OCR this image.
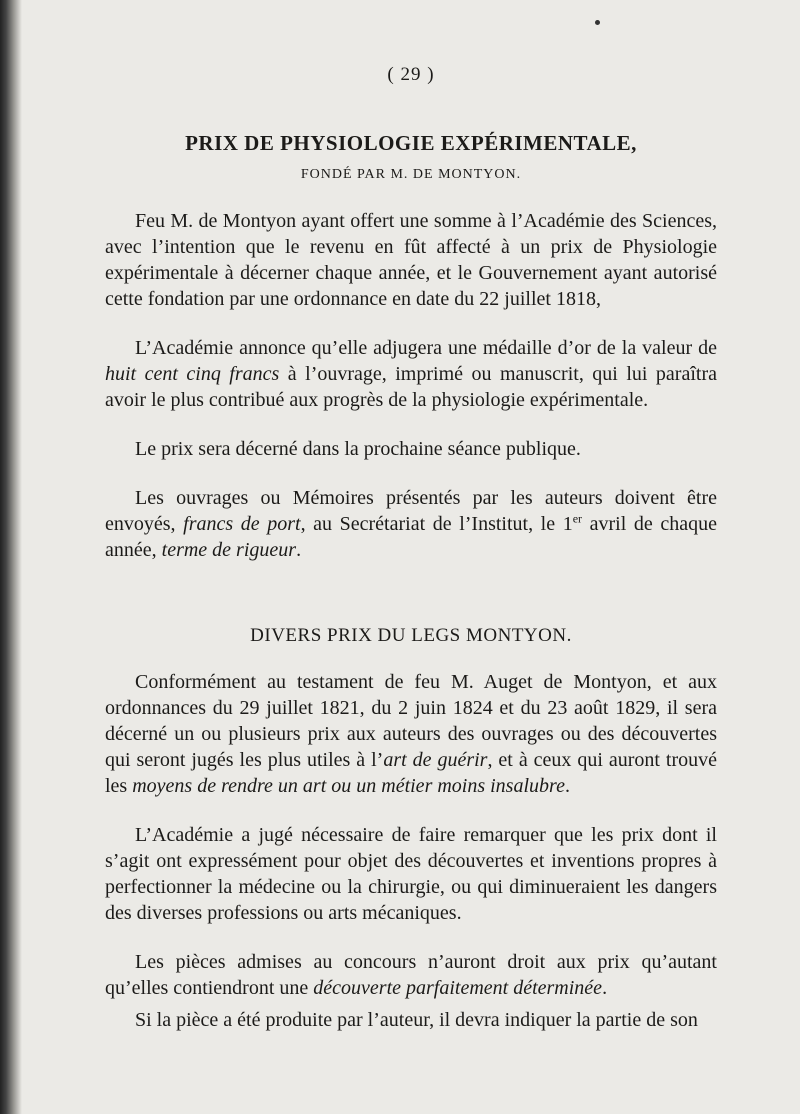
( 29 )
PRIX DE PHYSIOLOGIE EXPÉRIMENTALE,
FONDÉ PAR M. DE MONTYON.

Feu M. de Montyon ayant offert une somme à l’Académie des Sciences, avec l’intention que le revenu en fût affecté à un prix de Physiologie expérimentale à décerner chaque année, et le Gouvernement ayant autorisé cette fondation par une ordonnance en date du 22 juillet 1818,

L’Académie annonce qu’elle adjugera une médaille d’or de la valeur de huit cent cinq francs à l’ouvrage, imprimé ou manuscrit, qui lui paraîtra avoir le plus contribué aux progrès de la physiologie expérimentale.

Le prix sera décerné dans la prochaine séance publique.

Les ouvrages ou Mémoires présentés par les auteurs doivent être envoyés, francs de port, au Secrétariat de l’Institut, le 1er avril de chaque année, terme de rigueur.

DIVERS PRIX DU LEGS MONTYON.

Conformément au testament de feu M. Auget de Montyon, et aux ordonnances du 29 juillet 1821, du 2 juin 1824 et du 23 août 1829, il sera décerné un ou plusieurs prix aux auteurs des ouvrages ou des découvertes qui seront jugés les plus utiles à l’art de guérir, et à ceux qui auront trouvé les moyens de rendre un art ou un métier moins insalubre.

L’Académie a jugé nécessaire de faire remarquer que les prix dont il s’agit ont expressément pour objet des découvertes et inventions propres à perfectionner la médecine ou la chirurgie, ou qui diminueraient les dangers des diverses professions ou arts mécaniques.

Les pièces admises au concours n’auront droit aux prix qu’autant qu’elles contiendront une découverte parfaitement déterminée.

Si la pièce a été produite par l’auteur, il devra indiquer la partie de son
